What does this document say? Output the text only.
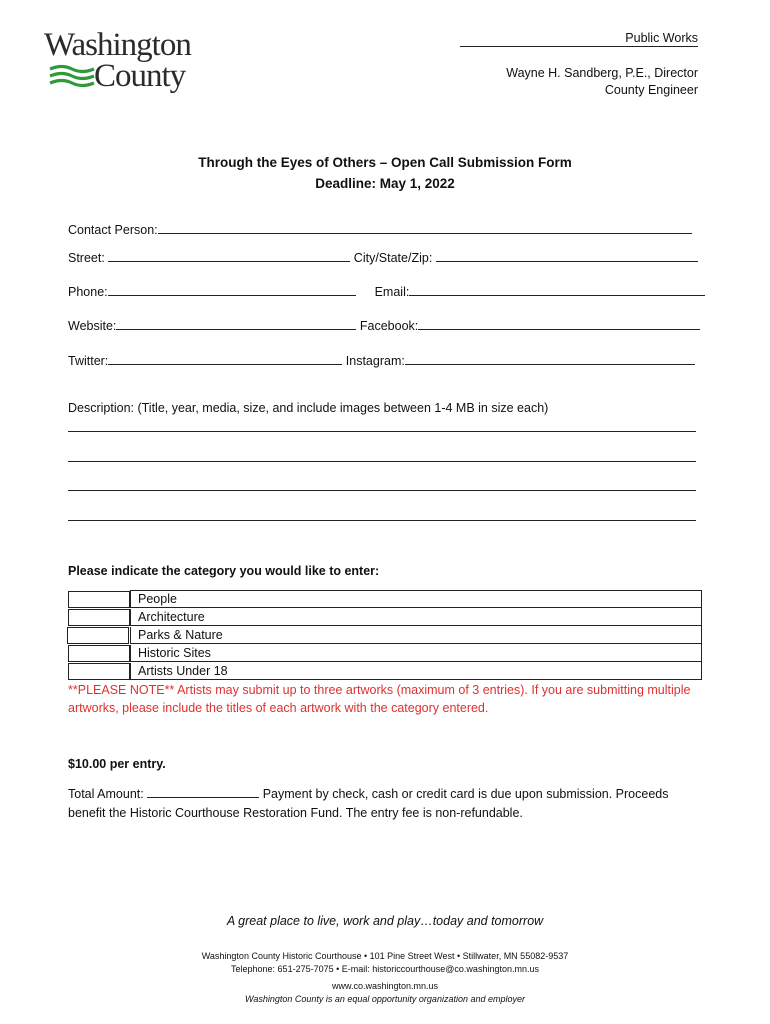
Washington
County
Public Works
Wayne H. Sandberg, P.E., Director
County Engineer
Through the Eyes of Others – Open Call Submission Form
Deadline: May 1, 2022
Contact Person:
Street:	City/State/Zip:
Phone:	Email:
Website:	Facebook:
Twitter:	Instagram:
Description: (Title, year, media, size, and include images between 1-4 MB in size each)
Please indicate the category you would like to enter:
People
Architecture
Parks & Nature
Historic Sites
Artists Under 18
**PLEASE NOTE** Artists may submit up to three artworks (maximum of 3 entries). If you are submitting multiple artworks, please include the titles of each artwork with the category entered.
$10.00 per entry.
Total Amount:	Payment by check, cash or credit card is due upon submission. Proceeds benefit the Historic Courthouse Restoration Fund. The entry fee is non-refundable.
A great place to live, work and play…today and tomorrow
Washington County Historic Courthouse • 101 Pine Street West • Stillwater, MN 55082-9537
Telephone: 651-275-7075 • E-mail: historiccourthouse@co.washington.mn.us
www.co.washington.mn.us
Washington County is an equal opportunity organization and employer
